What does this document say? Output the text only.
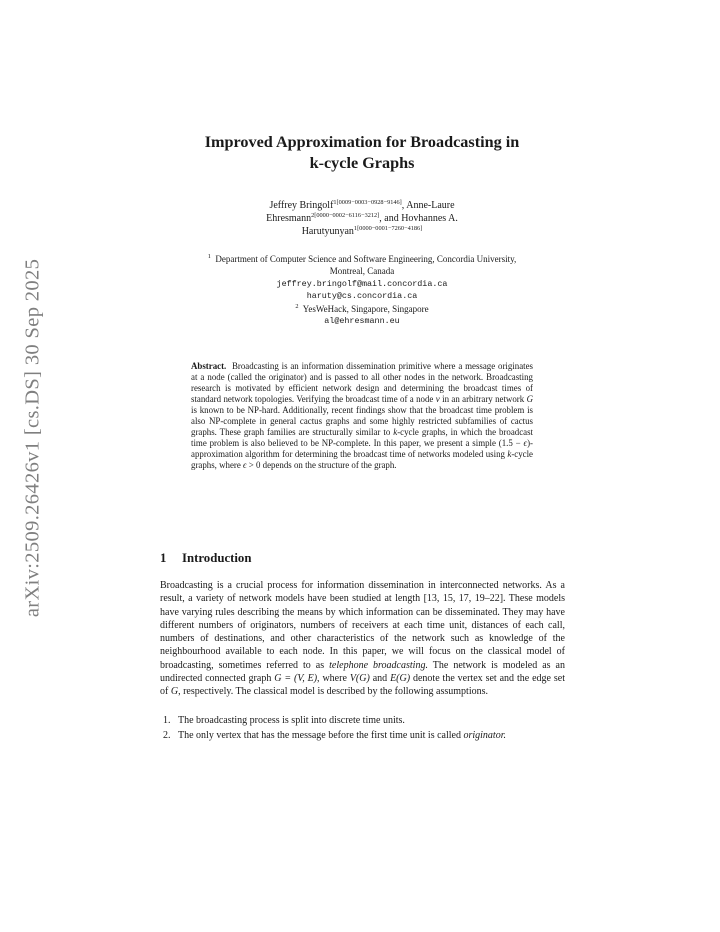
arXiv:2509.26426v1 [cs.DS] 30 Sep 2025
Improved Approximation for Broadcasting in
k-cycle Graphs
Jeffrey Bringolf$^{1[0009-0003-0928-9146]}$, Anne-Laure
Ehresmann$^{2[0000-0002-6116-3212]}$, and Hovhannes A.
Harutyunyan$^{1[0000-0001-7260-4186]}$
$^1$ Department of Computer Science and Software Engineering, Concordia University,
Montreal, Canada
jeffrey.bringolf@mail.concordia.ca
haruty@cs.concordia.ca
$^2$ YesWeHack, Singapore, Singapore
al@ehresmann.eu
Abstract. Broadcasting is an information dissemination primitive where a message originates at a node (called the originator) and is passed to all other nodes in the network. Broadcasting research is motivated by efficient network design and determining the broadcast times of standard network topologies. Verifying the broadcast time of a node v in an arbitrary network G is known to be NP-hard. Additionally, recent findings show that the broadcast time problem is also NP-complete in general cactus graphs and some highly restricted subfamilies of cactus graphs. These graph families are structurally similar to k-cycle graphs, in which the broadcast time problem is also believed to be NP-complete. In this paper, we present a simple (1.5 − ϵ)-approximation algorithm for determining the broadcast time of networks modeled using k-cycle graphs, where ϵ > 0 depends on the structure of the graph.
1 Introduction
Broadcasting is a crucial process for information dissemination in interconnected networks. As a result, a variety of network models have been studied at length [13, 15, 17, 19–22]. These models have varying rules describing the means by which information can be disseminated. They may have different numbers of originators, numbers of receivers at each time unit, distances of each call, numbers of destinations, and other characteristics of the network such as knowledge of the neighbourhood available to each node. In this paper, we will focus on the classical model of broadcasting, sometimes referred to as telephone broadcasting. The network is modeled as an undirected connected graph G = (V, E), where V(G) and E(G) denote the vertex set and the edge set of G, respectively. The classical model is described by the following assumptions.
1. The broadcasting process is split into discrete time units.
2. The only vertex that has the message before the first time unit is called originator.
